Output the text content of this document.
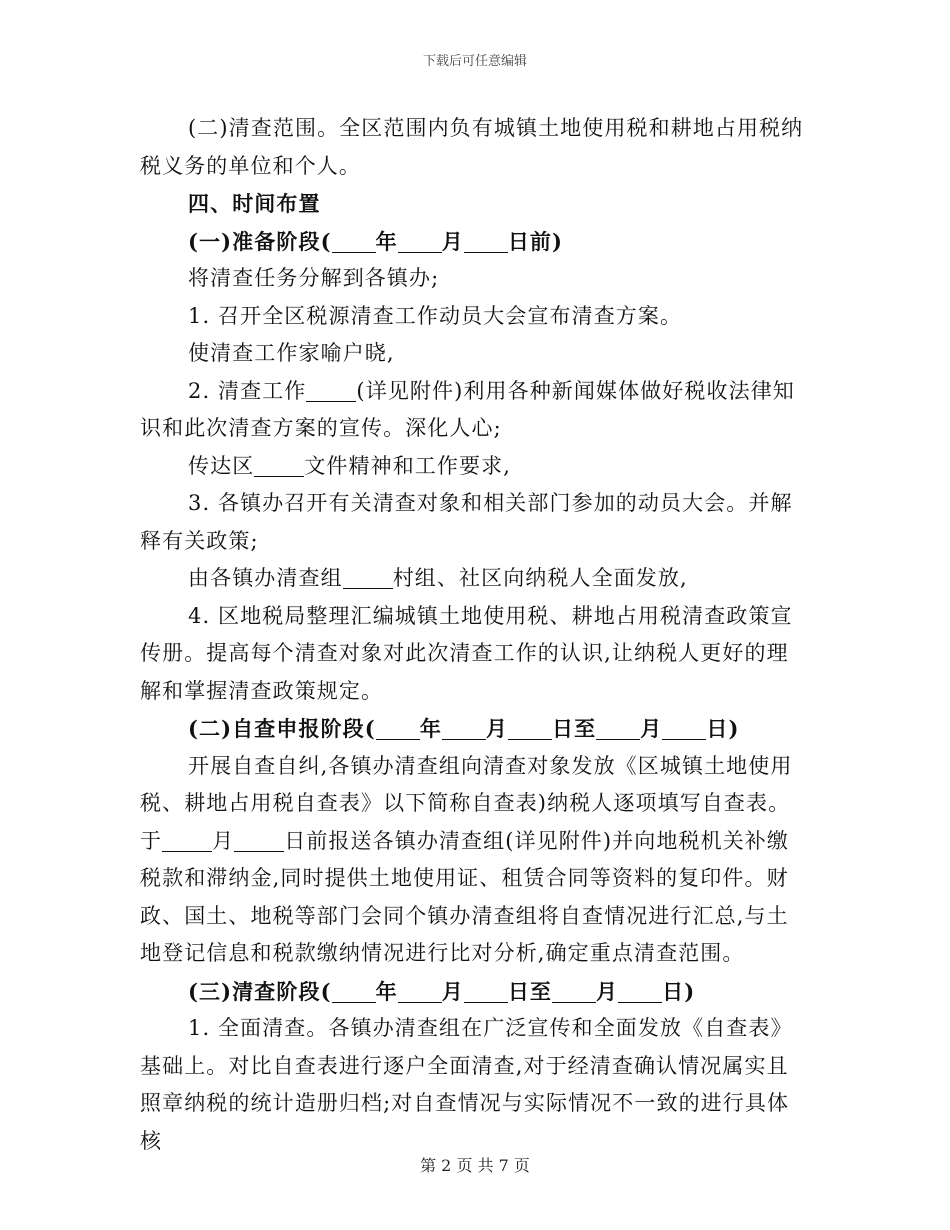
下载后可任意编辑

(二)清查范围。全区范围内负有城镇土地使用税和耕地占用税纳税义务的单位和个人。

四、时间布置

(一)准备阶段( 年 月 日前)

将清查任务分解到各镇办;

1. 召开全区税源清查工作动员大会宣布清查方案。

使清查工作家喻户晓,

2. 清查工作 (详见附件)利用各种新闻媒体做好税收法律知识和此次清查方案的宣传。深化人心;

传达区 文件精神和工作要求,

3. 各镇办召开有关清查对象和相关部门参加的动员大会。并解释有关政策;

由各镇办清查组 村组、社区向纳税人全面发放,

4. 区地税局整理汇编城镇土地使用税、耕地占用税清查政策宣传册。提高每个清查对象对此次清查工作的认识,让纳税人更好的理解和掌握清查政策规定。

(二)自查申报阶段( 年 月 日至 月 日)

开展自查自纠,各镇办清查组向清查对象发放《区城镇土地使用税、耕地占用税自查表》以下简称自查表)纳税人逐项填写自查表。于 月 日前报送各镇办清查组(详见附件)并向地税机关补缴税款和滞纳金,同时提供土地使用证、租赁合同等资料的复印件。财政、国土、地税等部门会同个镇办清查组将自查情况进行汇总,与土地登记信息和税款缴纳情况进行比对分析,确定重点清查范围。

(三)清查阶段( 年 月 日至 月 日)

1. 全面清查。各镇办清查组在广泛宣传和全面发放《自查表》基础上。对比自查表进行逐户全面清查,对于经清查确认情况属实且照章纳税的统计造册归档;对自查情况与实际情况不一致的进行具体核

第 2 页 共 7 页
